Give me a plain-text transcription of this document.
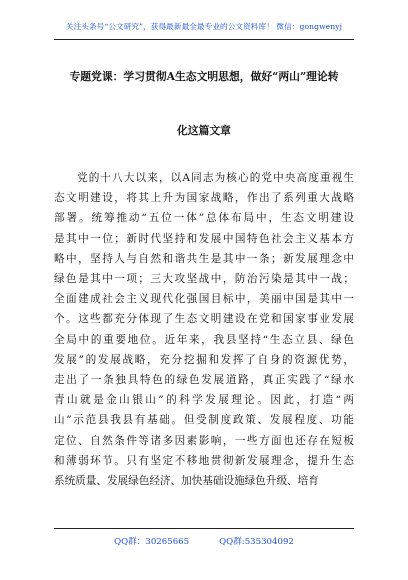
关注头条号“公文研究”，获得最新最全最专业的公文资料库！ 微信：gongwenyj
专题党课：学习贯彻A生态文明思想，做好“两山”理论转
化这篇文章
党的十八大以来，以A同志为核心的党中央高度重视生
态文明建设，将其上升为国家战略，作出了系列重大战略
部署。统筹推动“五位一体”总体布局中，生态文明建设
是其中一位；新时代坚持和发展中国特色社会主义基本方
略中，坚持人与自然和谐共生是其中一条；新发展理念中
绿色是其中一项；三大攻坚战中，防治污染是其中一战；
全面建成社会主义现代化强国目标中，美丽中国是其中一
个。这些都充分体现了生态文明建设在党和国家事业发展
全局中的重要地位。近年来，我县坚持“生态立县、绿色
发展”的发展战略，充分挖掘和发挥了自身的资源优势，
走出了一条独具特色的绿色发展道路，真正实践了“绿水
青山就是金山银山”的科学发展理论。因此，打造“两
山”示范县我县有基础。但受制度政策、发展程度、功能
定位、自然条件等诸多因素影响，一些方面也还存在短板
和薄弱环节。只有坚定不移地贯彻新发展理念，提升生态
系统质量、发展绿色经济、加快基础设施绿色升级、培育
QQ群：30265665	QQ群:535304092
